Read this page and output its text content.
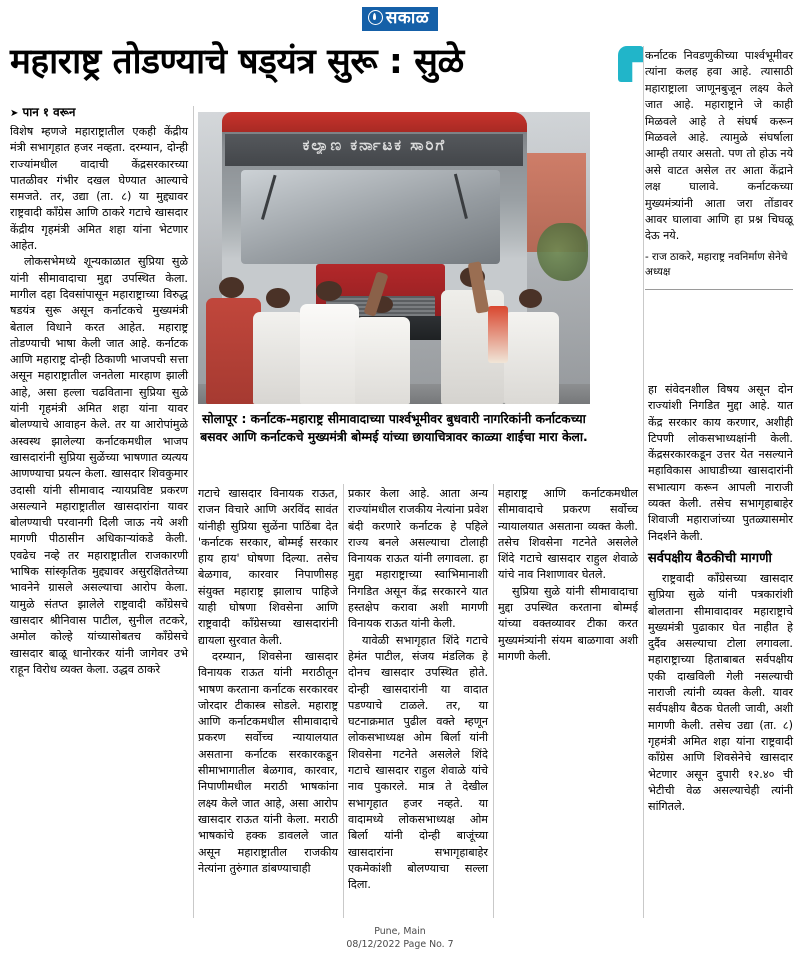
सकाळ
महाराष्ट्र तोडण्याचे षड्‌यंत्र सुरू : सुळे	कर्नाटक निवडणुकीच्या पार्श्वभूमीवर त्यांना कलह हवा आहे. त्यासाठी महाराष्ट्राला जाणूनबुजून लक्ष्य केले जात आहे. महाराष्ट्राने जे काही मिळवले आहे ते संघर्ष करून मिळवले आहे. त्यामुळे संघर्षाला आम्ही तयार असतो. पण तो होऊ नये असे वाटत असेल तर आता केंद्राने लक्ष घालावे. कर्नाटकच्या मुख्यमंत्र्यांनी आता जरा तोंडावर आवर घालावा आणि हा प्रश्न चिघळू देऊ नये.
- राज ठाकरे, महाराष्ट्र नवनिर्माण सेनेचे अध्यक्ष
ಕಲ್ಯಾಣ ಕರ್ನಾಟಕ ಸಾರಿಗೆ
सोलापूर : कर्नाटक-महाराष्ट्र सीमावादाच्या पार्श्वभूमीवर बुधवारी नागरिकांनी कर्नाटकच्या बसवर आणि कर्नाटकचे मुख्यमंत्री बोम्मई यांच्या छायाचित्रावर काळ्या शाईचा मारा केला.
➤ पान १ वरून

विशेष म्हणजे महाराष्ट्रातील एकही केंद्रीय मंत्री सभागृहात हजर नव्हता. दरम्यान, दोन्ही राज्यांमधील वादाची केंद्रसरकारच्या पातळीवर गंभीर दखल घेण्यात आल्याचे समजते. तर, उद्या (ता. ८) या मुद्द्यावर राष्ट्रवादी काँग्रेस आणि ठाकरे गटाचे खासदार केंद्रीय गृहमंत्री अमित शहा यांना भेटणार आहेत.

लोकसभेमध्ये शून्यकाळात सुप्रिया सुळे यांनी सीमावादाचा मुद्दा उपस्थित केला. मागील दहा दिवसांपासून महाराष्ट्राच्या विरुद्ध षडयंत्र सुरू असून कर्नाटकचे मुख्यमंत्री बेताल विधाने करत आहेत. महाराष्ट्र तोडण्याची भाषा केली जात आहे. कर्नाटक आणि महाराष्ट्र दोन्ही ठिकाणी भाजपची सत्ता असून महाराष्ट्रातील जनतेला मारहाण झाली आहे, असा हल्ला चढविताना सुप्रिया सुळे यांनी गृहमंत्री अमित शहा यांना यावर बोलण्याचे आवाहन केले. तर या आरोपांमुळे अस्वस्थ झालेल्या कर्नाटकमधील भाजप खासदारांनी सुप्रिया सुळेंच्या भाषणात व्यत्यय आणण्याचा प्रयत्न केला. खासदार शिवकुमार उदासी यांनी सीमावाद न्यायप्रविष्ट प्रकरण असल्याने महाराष्ट्रातील खासदारांना यावर बोलण्याची परवानगी दिली जाऊ नये अशी मागणी पीठासीन अधिकाऱ्यांकडे केली. एवढेच नव्हे तर महाराष्ट्रातील राजकारणी भाषिक सांस्कृतिक मुद्द्यावर असुरक्षिततेच्या भावनेने ग्रासले असल्याचा आरोप केला. यामुळे संतप्त झालेले राष्ट्रवादी काँग्रेसचे खासदार श्रीनिवास पाटील, सुनील तटकरे, अमोल कोल्हे यांच्यासोबतच काँग्रेसचे खासदार बाळू धानोरकर यांनी जागेवर उभे राहून विरोध व्यक्त केला. उद्धव ठाकरे

गटाचे खासदार विनायक राऊत, राजन विचारे आणि अरविंद सावंत यांनीही सुप्रिया सुळेंना पाठिंबा देत 'कर्नाटक सरकार, बोम्मई सरकार हाय हाय' घोषणा दिल्या. तसेच बेळगाव, कारवार निपाणीसह संयुक्त महाराष्ट्र झालाच पाहिजे याही घोषणा शिवसेना आणि राष्ट्रवादी काँग्रेसच्या खासदारांनी द्यायला सुरवात केली.

दरम्यान, शिवसेना खासदार विनायक राऊत यांनी मराठीतून भाषण करताना कर्नाटक सरकारवर जोरदार टीकास्त्र सोडले. महाराष्ट्र आणि कर्नाटकमधील सीमावादाचे प्रकरण सर्वोच्च न्यायालयात असताना कर्नाटक सरकारकडून सीमाभागातील बेळगाव, कारवार, निपाणीमधील मराठी भाषकांना लक्ष्य केले जात आहे, असा आरोप खासदार राऊत यांनी केला. मराठी भाषकांचे हक्क डावलले जात असून महाराष्ट्रातील राजकीय नेत्यांना तुरुंगात डांबण्याचाही

प्रकार केला आहे. आता अन्य राज्यांमधील राजकीय नेत्यांना प्रवेश बंदी करणारे कर्नाटक हे पहिले राज्य बनले असल्याचा टोलाही विनायक राऊत यांनी लगावला. हा मुद्दा महाराष्ट्राच्या स्वाभिमानाशी निगडित असून केंद्र सरकारने यात हस्तक्षेप करावा अशी मागणी विनायक राऊत यांनी केली.

यावेळी सभागृहात शिंदे गटाचे हेमंत पाटील, संजय मंडलिक हे दोनच खासदार उपस्थित होते. दोन्ही खासदारांनी या वादात पडण्याचे टाळले. तर, या घटनाक्रमात पुढील वक्ते म्हणून लोकसभाध्यक्ष ओम बिर्ला यांनी शिवसेना गटनेते असलेले शिंदे गटाचे खासदार राहुल शेवाळे यांचे नाव पुकारले. मात्र ते देखील सभागृहात हजर नव्हते. या वादामध्ये लोकसभाध्यक्ष ओम बिर्ला यांनी दोन्ही बाजूंच्या खासदारांना सभागृहाबाहेर एकमेकांशी बोलण्याचा सल्ला दिला.

महाराष्ट्र आणि कर्नाटकमधील सीमावादाचे प्रकरण सर्वोच्च न्यायालयात असताना व्यक्त केली. तसेच शिवसेना गटनेते असलेले शिंदे गटाचे खासदार राहुल शेवाळे यांचे नाव निशाणावर घेतले.

सुप्रिया सुळे यांनी सीमावादाचा मुद्दा उपस्थित करताना बोम्मई यांच्या वक्तव्यावर टीका करत मुख्यमंत्र्यांनी संयम बाळगावा अशी मागणी केली.

हा संवेदनशील विषय असून दोन राज्यांशी निगडित मुद्दा आहे. यात केंद्र सरकार काय करणार, अशीही टिपणी लोकसभाध्यक्षांनी केली. केंद्रसरकारकडून उत्तर येत नसल्याने महाविकास आघाडीच्या खासदारांनी सभात्याग करून आपली नाराजी व्यक्त केली. तसेच सभागृहाबाहेर शिवाजी महाराजांच्या पुतळ्यासमोर निदर्शने केली.

सर्वपक्षीय बैठकीची मागणी

राष्ट्रवादी काँग्रेसच्या खासदार सुप्रिया सुळे यांनी पत्रकारांशी बोलताना सीमावादावर महाराष्ट्राचे मुख्यमंत्री पुढाकार घेत नाहीत हे दुर्दैव असल्याचा टोला लगावला. महाराष्ट्राच्या हिताबाबत सर्वपक्षीय एकी दाखविली गेली नसल्याची नाराजी त्यांनी व्यक्त केली. यावर सर्वपक्षीय बैठक घेतली जावी, अशी मागणी केली. तसेच उद्या (ता. ८) गृहमंत्री अमित शहा यांना राष्ट्रवादी काँग्रेस आणि शिवसेनेचे खासदार भेटणार असून दुपारी १२.४० ची भेटीची वेळ असल्याचेही त्यांनी सांगितले.

Pune, Main
08/12/2022 Page No. 7
